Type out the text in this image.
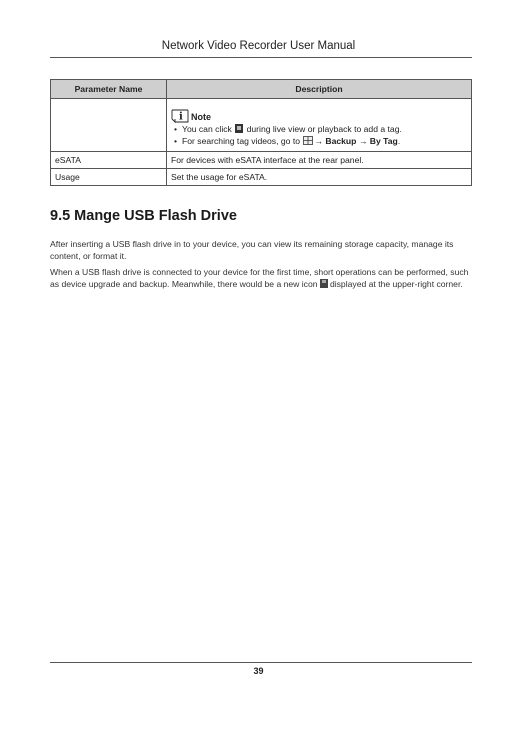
Network Video Recorder User Manual
Parameter Name	Description

i Note
• You can click during live view or playback to add a tag.
• For searching tag videos, go to → Backup → By Tag.

eSATA	For devices with eSATA interface at the rear panel.
Usage	Set the usage for eSATA.
9.5 Mange USB Flash Drive
After inserting a USB flash drive in to your device, you can view its remaining storage capacity, manage its content, or format it.
When a USB flash drive is connected to your device for the first time, short operations can be performed, such as device upgrade and backup. Meanwhile, there would be a new icon displayed at the upper-right corner.
39
